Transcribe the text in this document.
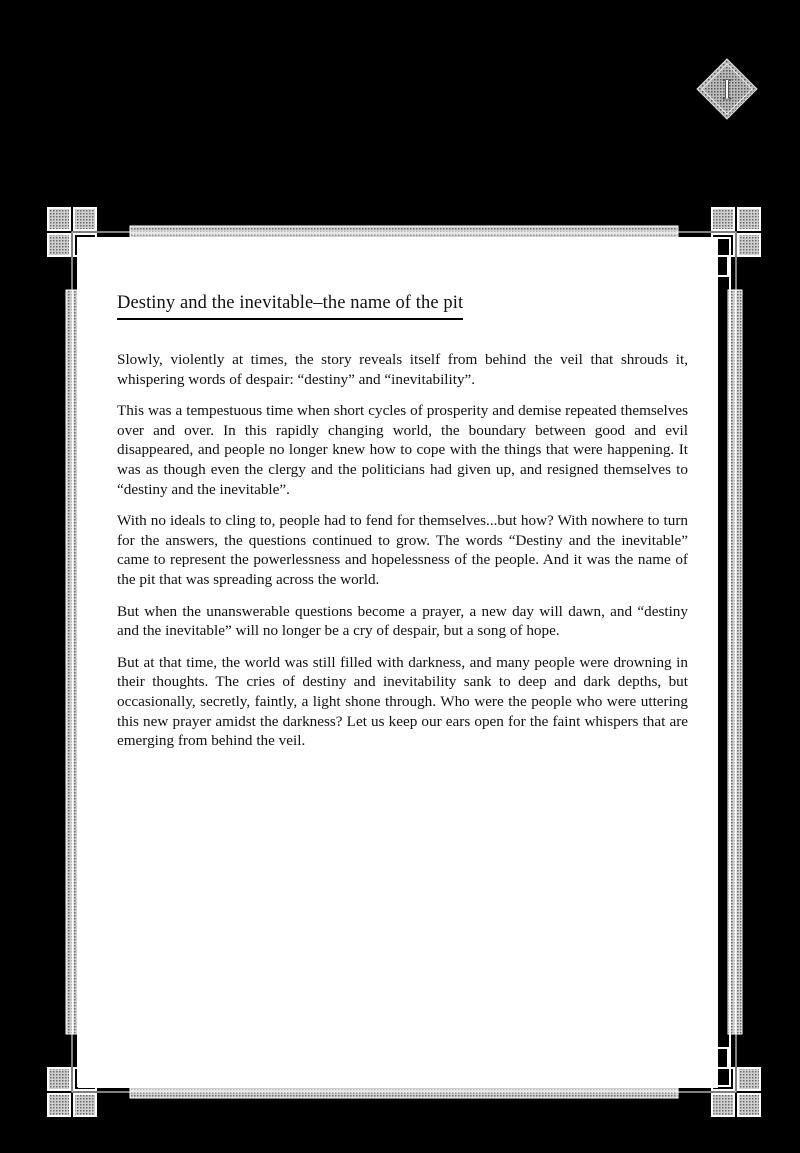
I
Destiny and the inevitable–the name of the pit

Slowly, violently at times, the story reveals itself from behind the veil that shrouds it, whispering words of despair: “destiny” and “inevitability”.

This was a tempestuous time when short cycles of prosperity and demise repeated themselves over and over. In this rapidly changing world, the boundary between good and evil disappeared, and people no longer knew how to cope with the things that were happening. It was as though even the clergy and the politicians had given up, and resigned themselves to “destiny and the inevitable”.

With no ideals to cling to, people had to fend for themselves...but how? With nowhere to turn for the answers, the questions continued to grow. The words “Destiny and the inevitable” came to represent the powerlessness and hopelessness of the people. And it was the name of the pit that was spreading across the world.

But when the unanswerable questions become a prayer, a new day will dawn, and “destiny and the inevitable” will no longer be a cry of despair, but a song of hope.

But at that time, the world was still filled with darkness, and many people were drowning in their thoughts. The cries of destiny and inevitability sank to deep and dark depths, but occasionally, secretly, faintly, a light shone through. Who were the people who were uttering this new prayer amidst the darkness? Let us keep our ears open for the faint whispers that are emerging from behind the veil.
